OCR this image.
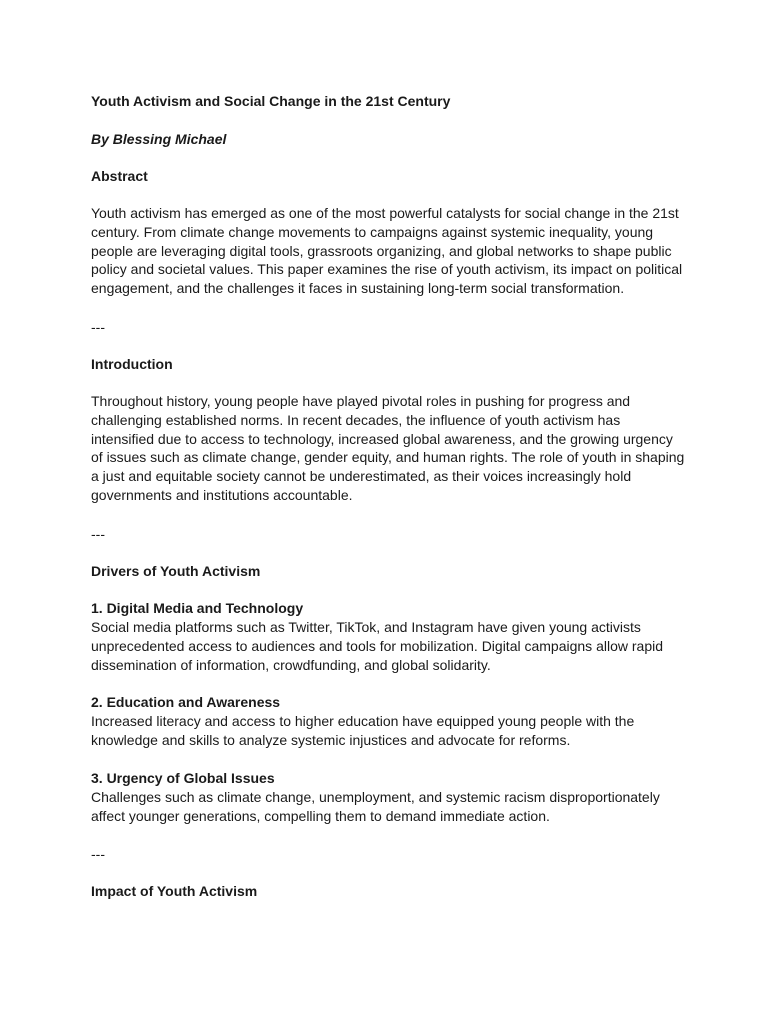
Youth Activism and Social Change in the 21st Century

By Blessing Michael

Abstract

Youth activism has emerged as one of the most powerful catalysts for social change in the 21st
century. From climate change movements to campaigns against systemic inequality, young
people are leveraging digital tools, grassroots organizing, and global networks to shape public
policy and societal values. This paper examines the rise of youth activism, its impact on political
engagement, and the challenges it faces in sustaining long-term social transformation.

---

Introduction

Throughout history, young people have played pivotal roles in pushing for progress and
challenging established norms. In recent decades, the influence of youth activism has
intensified due to access to technology, increased global awareness, and the growing urgency
of issues such as climate change, gender equity, and human rights. The role of youth in shaping
a just and equitable society cannot be underestimated, as their voices increasingly hold
governments and institutions accountable.

---

Drivers of Youth Activism

1. Digital Media and Technology

Social media platforms such as Twitter, TikTok, and Instagram have given young activists
unprecedented access to audiences and tools for mobilization. Digital campaigns allow rapid
dissemination of information, crowdfunding, and global solidarity.

2. Education and Awareness

Increased literacy and access to higher education have equipped young people with the
knowledge and skills to analyze systemic injustices and advocate for reforms.

3. Urgency of Global Issues

Challenges such as climate change, unemployment, and systemic racism disproportionately
affect younger generations, compelling them to demand immediate action.

---

Impact of Youth Activism
